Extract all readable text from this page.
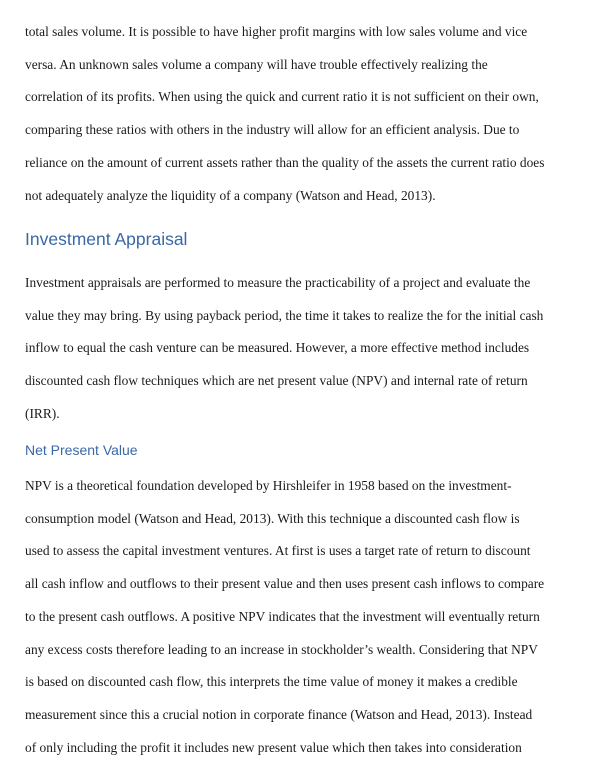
total sales volume. It is possible to have higher profit margins with low sales volume and vice
versa. An unknown sales volume a company will have trouble effectively realizing the
correlation of its profits. When using the quick and current ratio it is not sufficient on their own,
comparing these ratios with others in the industry will allow for an efficient analysis. Due to
reliance on the amount of current assets rather than the quality of the assets the current ratio does
not adequately analyze the liquidity of a company (Watson and Head, 2013).

Investment Appraisal

Investment appraisals are performed to measure the practicability of a project and evaluate the
value they may bring. By using payback period, the time it takes to realize the for the initial cash
inflow to equal the cash venture can be measured. However, a more effective method includes
discounted cash flow techniques which are net present value (NPV) and internal rate of return
(IRR).

Net Present Value

NPV is a theoretical foundation developed by Hirshleifer in 1958 based on the investment-
consumption model (Watson and Head, 2013). With this technique a discounted cash flow is
used to assess the capital investment ventures. At first is uses a target rate of return to discount
all cash inflow and outflows to their present value and then uses present cash inflows to compare
to the present cash outflows. A positive NPV indicates that the investment will eventually return
any excess costs therefore leading to an increase in stockholder’s wealth. Considering that NPV
is based on discounted cash flow, this interprets the time value of money it makes a credible
measurement since this a crucial notion in corporate finance (Watson and Head, 2013). Instead
of only including the profit it includes new present value which then takes into consideration
